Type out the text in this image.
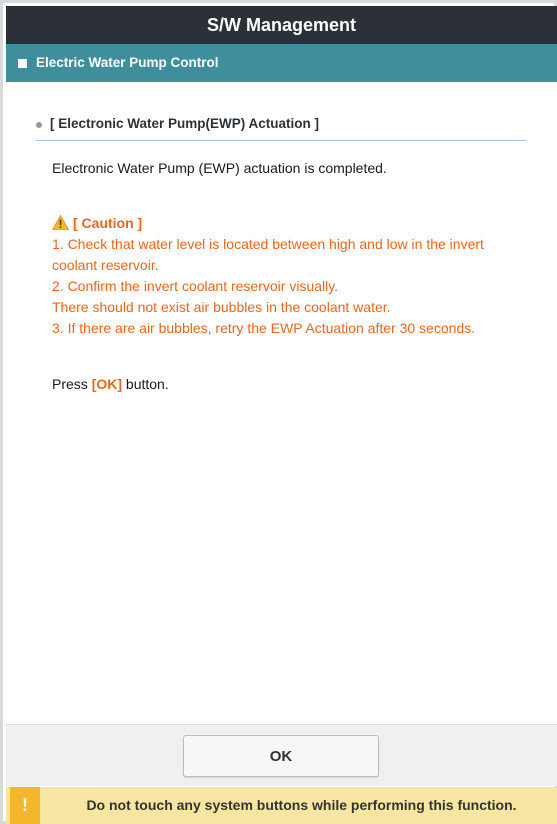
S/W Management
Electric Water Pump Control
[ Electronic Water Pump(EWP) Actuation ]
Electronic Water Pump (EWP) actuation is completed.
[ Caution ]
1. Check that water level is located between high and low in the invert
coolant reservoir.
2. Confirm the invert coolant reservoir visually.
There should not exist air bubbles in the coolant water.
3. If there are air bubbles, retry the EWP Actuation after 30 seconds.
Press [OK] button.
OK
!	Do not touch any system buttons while performing this function.
